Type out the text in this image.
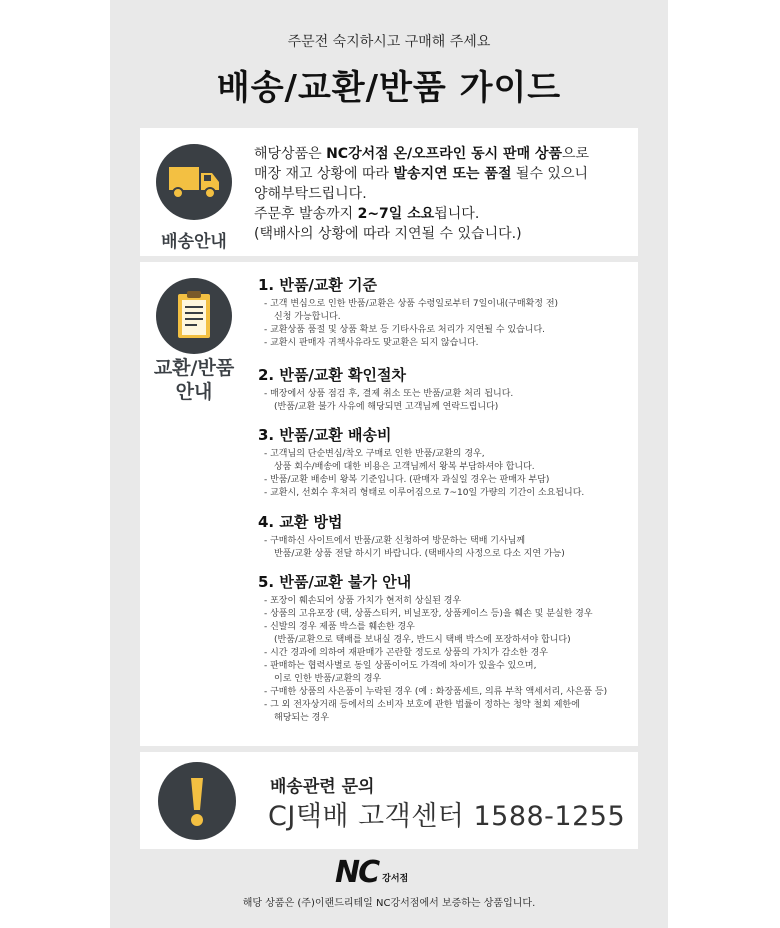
주문전 숙지하시고 구매해 주세요
배송/교환/반품 가이드
배송안내
해당상품은 NC강서점 온/오프라인 동시 판매 상품으로
매장 재고 상황에 따라 발송지연 또는 품절 될수 있으니
양해부탁드립니다.
주문후 발송까지 2~7일 소요됩니다.
(택배사의 상황에 따라 지연될 수 있습니다.)
교환/반품
안내
1. 반품/교환 기준
- 고객 변심으로 인한 반품/교환은 상품 수령일로부터 7일이내(구매확정 전)
신청 가능합니다.
- 교환상품 품절 및 상품 확보 등 기타사유로 처리가 지연될 수 있습니다.
- 교환시 판매자 귀책사유라도 맞교환은 되지 않습니다.
2. 반품/교환 확인절차
- 매장에서 상품 점검 후, 결제 취소 또는 반품/교환 처리 됩니다.
(반품/교환 불가 사유에 해당되면 고객님께 연락드립니다)
3. 반품/교환 배송비
- 고객님의 단순변심/착오 구매로 인한 반품/교환의 경우,
상품 회수/배송에 대한 비용은 고객님께서 왕복 부담하셔야 합니다.
- 반품/교환 배송비 왕복 기준입니다. (판매자 과실일 경우는 판매자 부담)
- 교환시, 선회수 후처리 형태로 이루어짐으로 7~10일 가량의 기간이 소요됩니다.
4. 교환 방법
- 구매하신 사이트에서 반품/교환 신청하여 방문하는 택배 기사님께
반품/교환 상품 전달 하시기 바랍니다. (택배사의 사정으로 다소 지연 가능)
5. 반품/교환 불가 안내
- 포장이 훼손되어 상품 가치가 현저히 상실된 경우
- 상품의 고유포장 (택, 상품스티커, 비닐포장, 상품케이스 등)을 훼손 및 분실한 경우
- 신발의 경우 제품 박스를 훼손한 경우
(반품/교환으로 택배를 보내실 경우, 반드시 택배 박스에 포장하셔야 합니다)
- 시간 경과에 의하여 재판매가 곤란할 정도로 상품의 가치가 감소한 경우
- 판매하는 협력사별로 동일 상품이어도 가격에 차이가 있을수 있으며,
이로 인한 반품/교환의 경우
- 구매한 상품의 사은품이 누락된 경우 (예 : 화장품세트, 의류 부착 액세서리, 사은품 등)
- 그 외 전자상거래 등에서의 소비자 보호에 관한 법률이 정하는 청약 철회 제한에
해당되는 경우
배송관련 문의
CJ택배 고객센터 1588-1255
NC 강서점
해당 상품은 (주)이랜드리테일 NC강서점에서 보증하는 상품입니다.
